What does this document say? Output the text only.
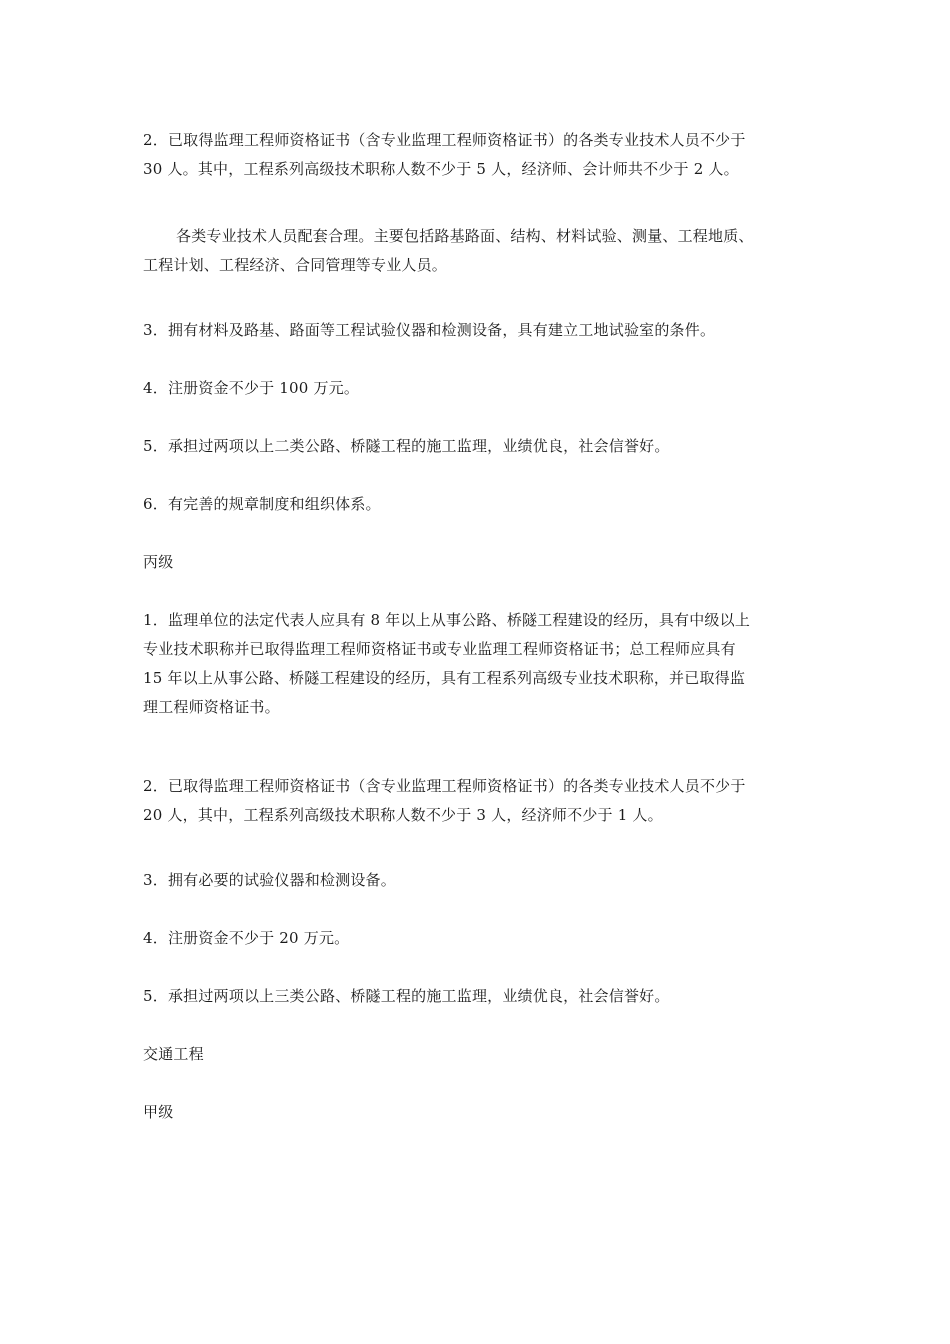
2．已取得监理工程师资格证书（含专业监理工程师资格证书）的各类专业技术人员不少于
30 人。其中，工程系列高级技术职称人数不少于 5 人，经济师、会计师共不少于 2 人。

各类专业技术人员配套合理。主要包括路基路面、结构、材料试验、测量、工程地质、
工程计划、工程经济、合同管理等专业人员。

3．拥有材料及路基、路面等工程试验仪器和检测设备，具有建立工地试验室的条件。

4．注册资金不少于 100 万元。

5．承担过两项以上二类公路、桥隧工程的施工监理，业绩优良，社会信誉好。

6．有完善的规章制度和组织体系。

丙级

1．监理单位的法定代表人应具有 8 年以上从事公路、桥隧工程建设的经历，具有中级以上
专业技术职称并已取得监理工程师资格证书或专业监理工程师资格证书；总工程师应具有
15 年以上从事公路、桥隧工程建设的经历，具有工程系列高级专业技术职称，并已取得监
理工程师资格证书。

2．已取得监理工程师资格证书（含专业监理工程师资格证书）的各类专业技术人员不少于
20 人，其中，工程系列高级技术职称人数不少于 3 人，经济师不少于 1 人。

3．拥有必要的试验仪器和检测设备。

4．注册资金不少于 20 万元。

5．承担过两项以上三类公路、桥隧工程的施工监理，业绩优良，社会信誉好。

交通工程

甲级
